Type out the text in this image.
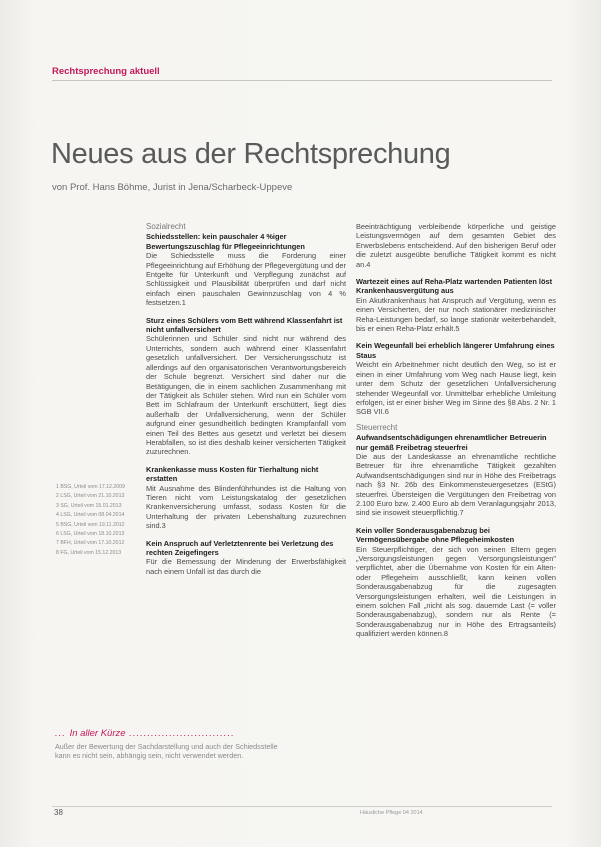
Rechtsprechung aktuell
Neues aus der Rechtsprechung
von Prof. Hans Böhme, Jurist in Jena/Scharbeck-Uppeve
Sozialrecht
Schiedsstellen: kein pauschaler 4 %iger Bewertungszuschlag für Pflegeeinrichtungen
Die Schiedsstelle muss die Forderung einer Pflegeeinrichtung auf Erhöhung der Pflegevergütung und der Entgelte für Unterkunft und Verpflegung zunächst auf Schlüssigkeit und Plausibilität überprüfen und darf nicht einfach einen pauschalen Gewinnzuschlag von 4 % festsetzen.1
Sturz eines Schülers vom Bett während Klassenfahrt ist nicht unfallversichert
Schülerinnen und Schüler sind nicht nur während des Unterrichts, sondern auch während einer Klassenfahrt gesetzlich unfallversichert. Der Versicherungsschutz ist allerdings auf den organisatorischen Verantwortungsbereich der Schule begrenzt. Versichert sind daher nur die Betätigungen, die in einem sachlichen Zusammenhang mit der Tätigkeit als Schüler stehen. Wird nun ein Schüler vom Bett im Schlafraum der Unterkunft erschüttert, liegt dies außerhalb der Unfallversicherung, wenn der Schüler aufgrund einer gesundheitlich bedingten Krampfanfall vom einen Teil des Bettes aus gesetzt und verletzt bei diesem Herabfallen, so ist dies deshalb keiner versicherten Tätigkeit zuzurechnen.
Krankenkasse muss Kosten für Tierhaltung nicht erstatten
Mit Ausnahme des Blindenführhundes ist die Haltung von Tieren nicht vom Leistungskatalog der gesetzlichen Krankenversicherung umfasst, sodass Kosten für die Unterhaltung der privaten Lebenshaltung zuzurechnen sind.3
Kein Anspruch auf Verletztenrente bei Verletzung des rechten Zeigefingers
Für die Bemessung der Minderung der Erwerbsfähigkeit nach einem Unfall ist das durch die
Beeinträchtigung verbleibende körperliche und geistige Leistungsvermögen auf dem gesamten Gebiet des Erwerbslebens entscheidend. Auf den bisherigen Beruf oder die zuletzt ausgeübte berufliche Tätigkeit kommt es nicht an.4
Wartezeit eines auf Reha-Platz wartenden Patienten löst Krankenhausvergütung aus
Ein Akutkrankenhaus hat Anspruch auf Vergütung, wenn es einen Versicherten, der nur noch stationärer medizinischer Reha-Leistungen bedarf, so lange stationär weiterbehandelt, bis er einen Reha-Platz erhält.5
Kein Wegeunfall bei erheblich längerer Umfahrung eines Staus
Weicht ein Arbeitnehmer nicht deutlich den Weg, so ist er einen in einer Umfahrung vom Weg nach Hause liegt, kein unter dem Schutz der gesetzlichen Unfallversicherung stehender Wegeunfall vor. Unmittelbar erhebliche Umleitung erfolgen, ist er einer bisher Weg im Sinne des §8 Abs. 2 Nr. 1 SGB VII.6
Steuerrecht
Aufwandsentschädigungen ehrenamtlicher Betreuerin nur gemäß Freibetrag steuerfrei
Die aus der Landeskasse an ehrenamtliche rechtliche Betreuer für ihre ehrenamtliche Tätigkeit gezahlten Aufwandsentschädigungen sind nur in Höhe des Freibetrags nach §3 Nr. 26b des Einkommensteuergesetzes (EStG) steuerfrei. Übersteigen die Vergütungen den Freibetrag von 2.100 Euro bzw. 2.400 Euro ab dem Veranlagungsjahr 2013, sind sie insoweit steuerpflichtig.7
Kein voller Sonderausgabenabzug bei Vermögensübergabe ohne Pflegeheimkosten
Ein Steuerpflichtiger, der sich von seinen Eltern gegen „Versorgungsleistungen gegen Versorgungsleistungen" verpflichtet, aber die Übernahme von Kosten für ein Alten- oder Pflegeheim ausschließt, kann keinen vollen Sonderausgabenabzug für die zugesagten Versorgungsleistungen erhalten, weil die Leistungen in einem solchen Fall „nicht als sog. dauernde Last (= voller Sonderausgabenabzug), sondern nur als Rente (= Sonderausgabenabzug nur in Höhe des Ertragsanteils) qualifiziert werden können.8
1 BSG, Urteil vom 17.12.2009
2 LSG, Urteil vom 21.10.2013
3 SG, Urteil vom 15.01.2013
4 LSG, Urteil vom 08.04.2014
5 BSG, Urteil vom 19.11.2012
6 LSG, Urteil vom 18.10.2013
7 BFH, Urteil vom 17.10.2012
8 FG, Urteil vom 15.12.2013
... In aller Kürze .............................
Außer der Bewertung der Sachdarstellung und auch der Schiedsstelle kann es nicht sein, abhängig sein, nicht verwendet werden.
38	Häusliche Pflege 04 2014
